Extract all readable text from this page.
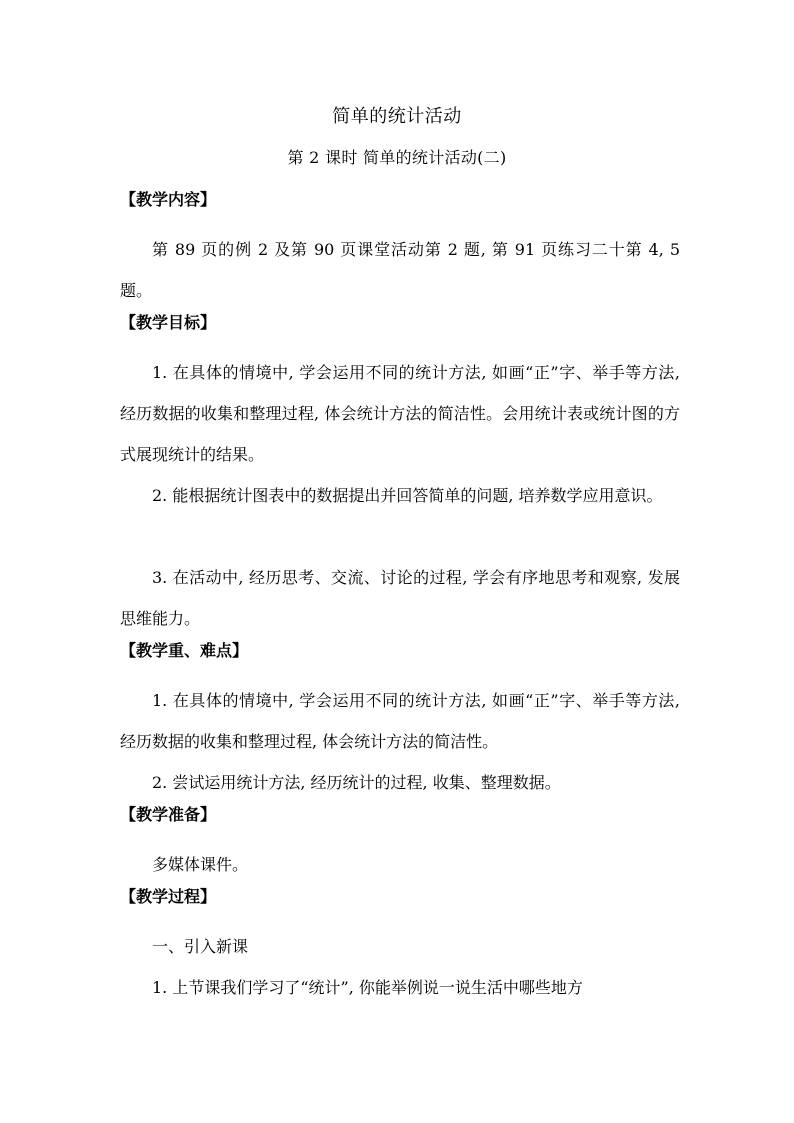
简单的统计活动
第 2 课时 简单的统计活动(二)
【教学内容】

第 89 页的例 2 及第 90 页课堂活动第 2 题, 第 91 页练习二十第 4, 5 题。

【教学目标】

1. 在具体的情境中, 学会运用不同的统计方法, 如画“正”字、举手等方法, 经历数据的收集和整理过程, 体会统计方法的简洁性。会用统计表或统计图的方式展现统计的结果。

2. 能根据统计图表中的数据提出并回答简单的问题, 培养数学应用意识。

3. 在活动中, 经历思考、交流、讨论的过程, 学会有序地思考和观察, 发展思维能力。

【教学重、难点】

1. 在具体的情境中, 学会运用不同的统计方法, 如画“正”字、举手等方法, 经历数据的收集和整理过程, 体会统计方法的简洁性。

2. 尝试运用统计方法, 经历统计的过程, 收集、整理数据。

【教学准备】

多媒体课件。

【教学过程】

一、引入新课

1. 上节课我们学习了“统计”, 你能举例说一说生活中哪些地方
